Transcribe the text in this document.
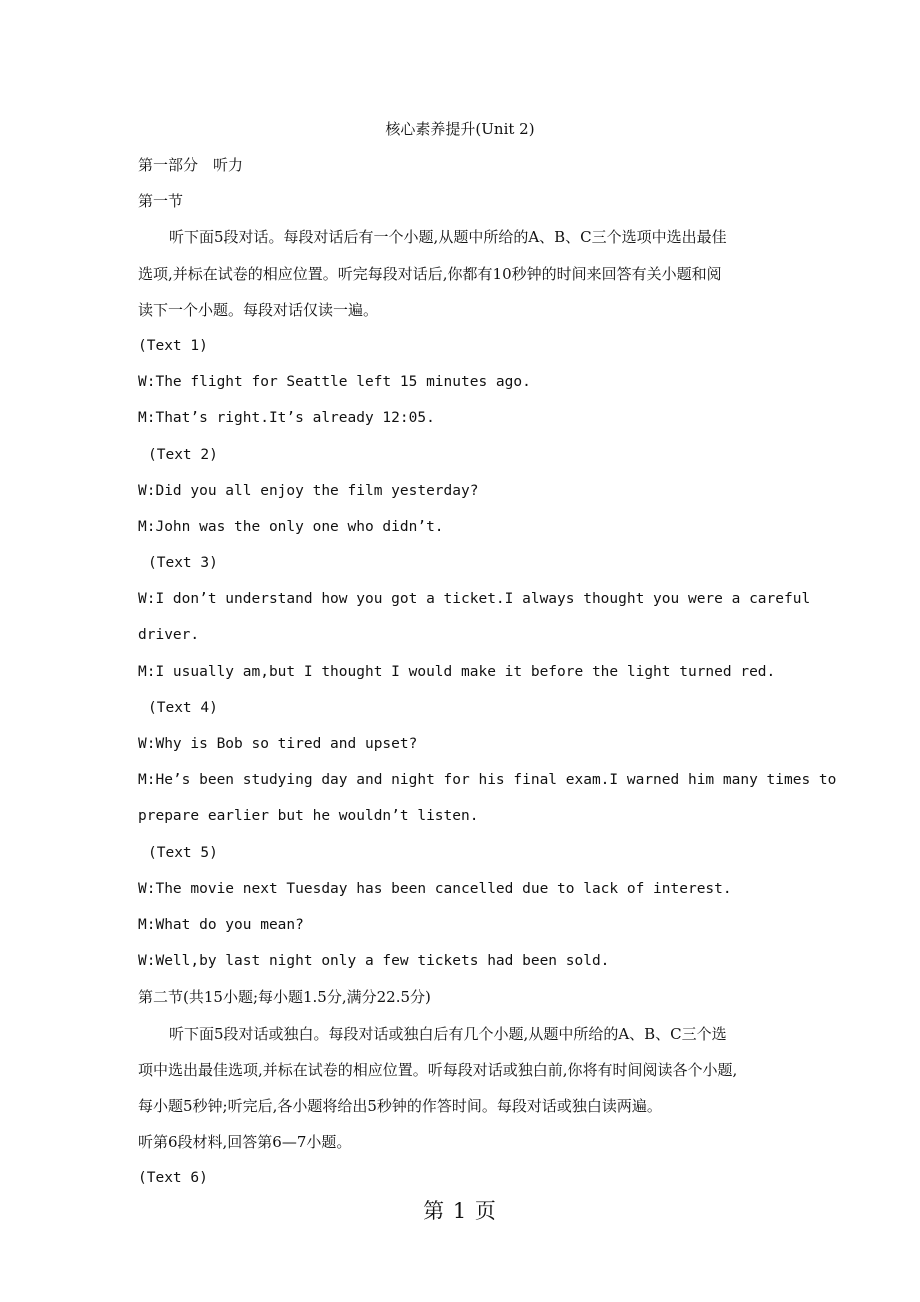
核心素养提升(Unit 2)
第一部分　听力
第一节
听下面5段对话。每段对话后有一个小题,从题中所给的A、B、C三个选项中选出最佳
选项,并标在试卷的相应位置。听完每段对话后,你都有10秒钟的时间来回答有关小题和阅
读下一个小题。每段对话仅读一遍。
(Text 1)
W:The flight for Seattle left 15 minutes ago.
M:That’s right.It’s already 12:05.
(Text 2)
W:Did you all enjoy the film yesterday?
M:John was the only one who didn’t.
(Text 3)
W:I don’t understand how you got a ticket.I always thought you were a careful
driver.
M:I usually am,but I thought I would make it before the light turned red.
(Text 4)
W:Why is Bob so tired and upset?
M:He’s been studying day and night for his final exam.I warned him many times to
prepare earlier but he wouldn’t listen.
(Text 5)
W:The movie next Tuesday has been cancelled due to lack of interest.
M:What do you mean?
W:Well,by last night only a few tickets had been sold.
第二节(共15小题;每小题1.5分,满分22.5分)
听下面5段对话或独白。每段对话或独白后有几个小题,从题中所给的A、B、C三个选
项中选出最佳选项,并标在试卷的相应位置。听每段对话或独白前,你将有时间阅读各个小题,
每小题5秒钟;听完后,各小题将给出5秒钟的作答时间。每段对话或独白读两遍。
听第6段材料,回答第6—7小题。
(Text 6)
第 1 页
